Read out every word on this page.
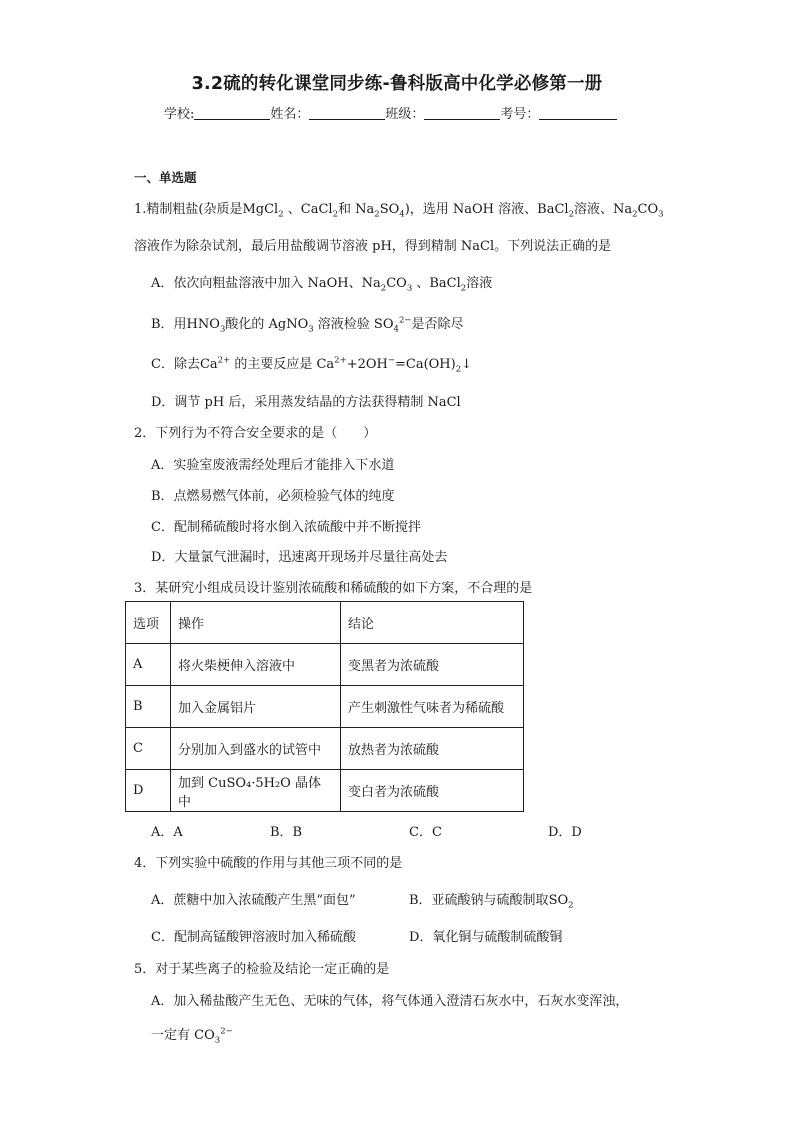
3.2硫的转化课堂同步练-鲁科版高中化学必修第一册
学校:	姓名：	班级：	考号：
一、单选题
1.精制粗盐(杂质是MgCl$_2$ 、CaCl$_2$和 $Na_2SO_4$)，选用 NaOH 溶液、BaCl$_2$溶液、$Na_2CO_3$
溶液作为除杂试剂，最后用盐酸调节溶液 pH，得到精制 NaCl。下列说法正确的是
A．依次向粗盐溶液中加入 NaOH、$Na_2CO_3$ 、BaCl$_2$溶液
B．用$HNO_3$酸化的 AgNO$_3$ 溶液检验 $SO_4^{2-}$是否除尽
C．除去$Ca^{2+}$ 的主要反应是 $Ca^{2+}+2OH^-=Ca(OH)_2↓$
D．调节 pH 后，采用蒸发结晶的方法获得精制 NaCl
2．下列行为不符合安全要求的是（　　）
A．实验室废液需经处理后才能排入下水道
B．点燃易燃气体前，必须检验气体的纯度
C．配制稀硫酸时将水倒入浓硫酸中并不断搅拌
D．大量氯气泄漏时，迅速离开现场并尽量往高处去
3．某研究小组成员设计鉴别浓硫酸和稀硫酸的如下方案，不合理的是
选项	操作	结论
A	将火柴梗伸入溶液中	变黑者为浓硫酸
B	加入金属铝片	产生刺激性气味者为稀硫酸
C	分别加入到盛水的试管中	放热者为浓硫酸
D	加到 CuSO₄·5H₂O 晶体中	变白者为浓硫酸
A．A	B．B	C．C	D．D
4．下列实验中硫酸的作用与其他三项不同的是
A．蔗糖中加入浓硫酸产生黑“面包”	B．亚硫酸钠与硫酸制取$SO_2$
C．配制高锰酸钾溶液时加入稀硫酸	D．氧化铜与硫酸制硫酸铜
5．对于某些离子的检验及结论一定正确的是
A．加入稀盐酸产生无色、无味的气体，将气体通入澄清石灰水中，石灰水变浑浊，
一定有 $CO_3^{2-}$
